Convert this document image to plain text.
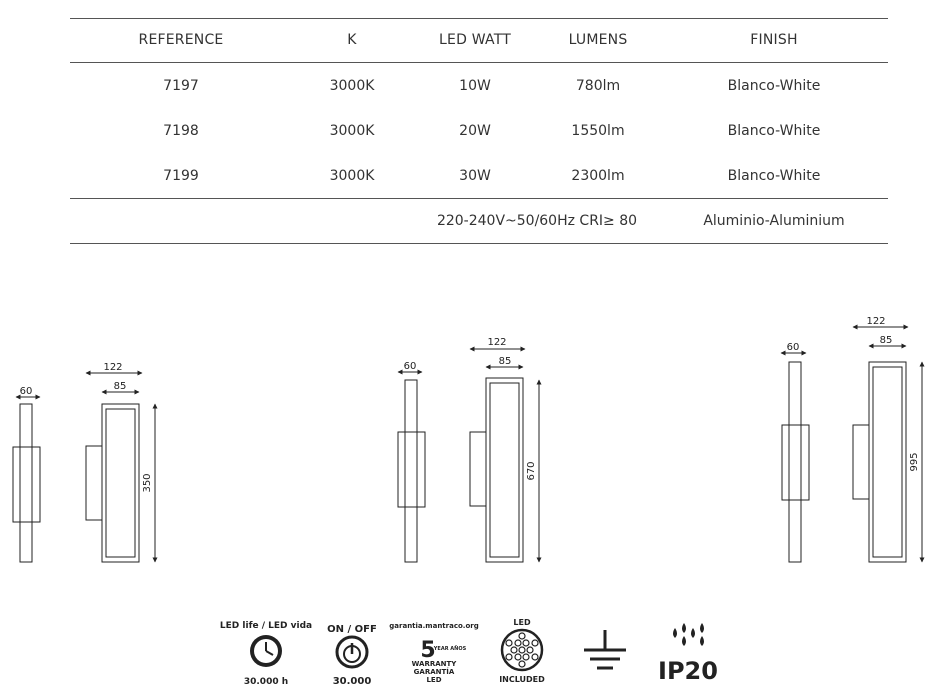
REFERENCE	K	LED WATT	LUMENS	FINISH
7197	3000K	10W	780lm	Blanco-White
7198	3000K	20W	1550lm	Blanco-White
7199	3000K	30W	2300lm	Blanco-White
220-240V~50/60Hz CRI≥ 80	Aluminio-Aluminium
60
122
85
350
60
122
85
670
60
122
85
995
LED life / LED vida
30.000 h
ON / OFF
30.000
garantia.mantraco.org
5
YEAR AÑOS
WARRANTY
GARANTÍA
LED
LED
INCLUDED	IP20
